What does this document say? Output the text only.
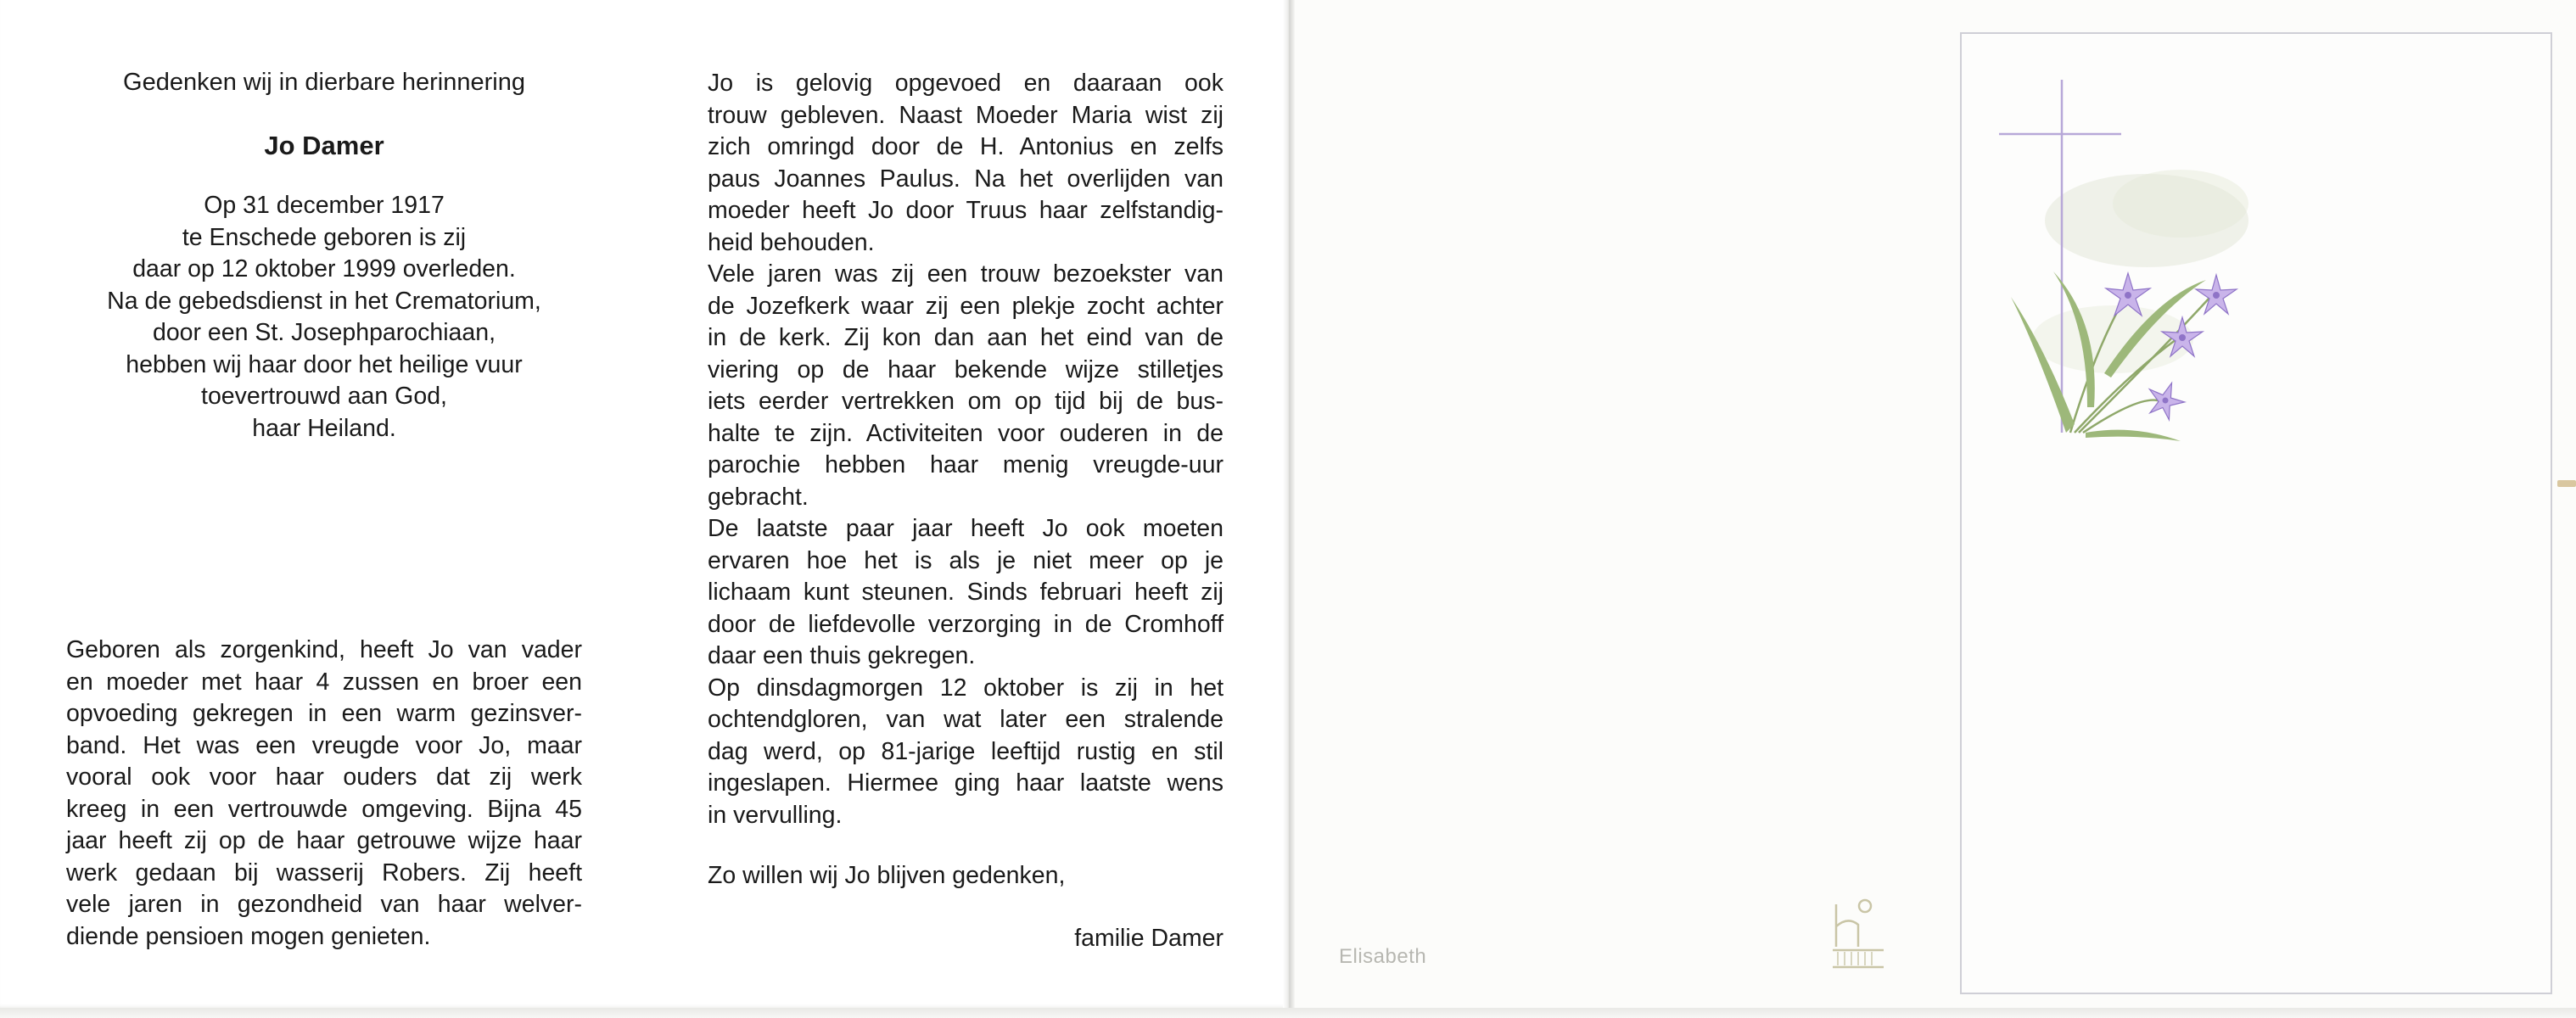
Gedenken wij in dierbare herinnering

Jo Damer
Op 31 december 1917
te Enschede geboren is zij
daar op 12 oktober 1999 overleden.
Na de gebedsdienst in het Crematorium,
door een St. Josephparochiaan,
hebben wij haar door het heilige vuur
toevertrouwd aan God,
haar Heiland.
Geboren als zorgenkind, heeft Jo van vader
en moeder met haar 4 zussen en broer een
opvoeding gekregen in een warm gezinsver-
band. Het was een vreugde voor Jo, maar
vooral ook voor haar ouders dat zij werk
kreeg in een vertrouwde omgeving. Bijna 45
jaar heeft zij op de haar getrouwe wijze haar
werk gedaan bij wasserij Robers. Zij heeft
vele jaren in gezondheid van haar welver-
diende pensioen mogen genieten.
Jo is gelovig opgevoed en daaraan ook
trouw gebleven. Naast Moeder Maria wist zij
zich omringd door de H. Antonius en zelfs
paus Joannes Paulus. Na het overlijden van
moeder heeft Jo door Truus haar zelfstandig-
heid behouden.
Vele jaren was zij een trouw bezoekster van
de Jozefkerk waar zij een plekje zocht achter
in de kerk. Zij kon dan aan het eind van de
viering op de haar bekende wijze stilletjes
iets eerder vertrekken om op tijd bij de bus-
halte te zijn. Activiteiten voor ouderen in de
parochie hebben haar menig vreugde-uur
gebracht.
De laatste paar jaar heeft Jo ook moeten
ervaren hoe het is als je niet meer op je
lichaam kunt steunen. Sinds februari heeft zij
door de liefdevolle verzorging in de Cromhoff
daar een thuis gekregen.
Op dinsdagmorgen 12 oktober is zij in het
ochtendgloren, van wat later een stralende
dag werd, op 81-jarige leeftijd rustig en stil
ingeslapen. Hiermee ging haar laatste wens
in vervulling.
Zo willen wij Jo blijven gedenken,
familie Damer
Elisabeth
